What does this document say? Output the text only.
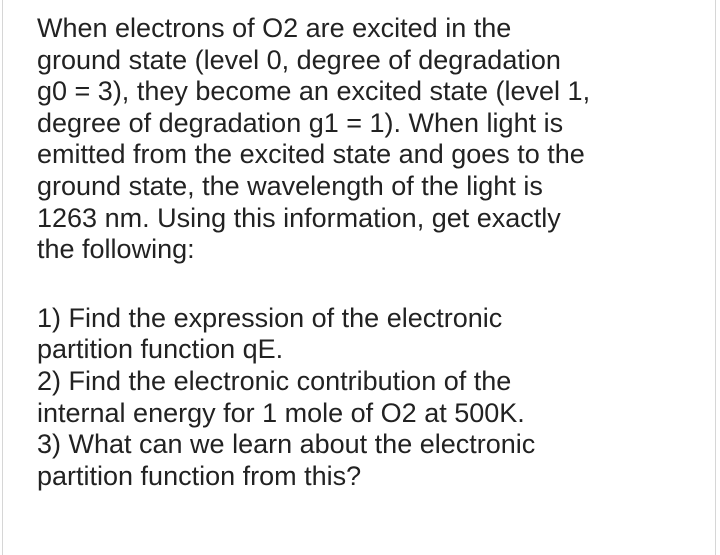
When electrons of O2 are excited in the
ground state (level 0, degree of degradation
g0 = 3), they become an excited state (level 1,
degree of degradation g1 = 1). When light is
emitted from the excited state and goes to the
ground state, the wavelength of the light is
1263 nm. Using this information, get exactly
the following:
1) Find the expression of the electronic
partition function qE.
2) Find the electronic contribution of the
internal energy for 1 mole of O2 at 500K.
3) What can we learn about the electronic
partition function from this?
